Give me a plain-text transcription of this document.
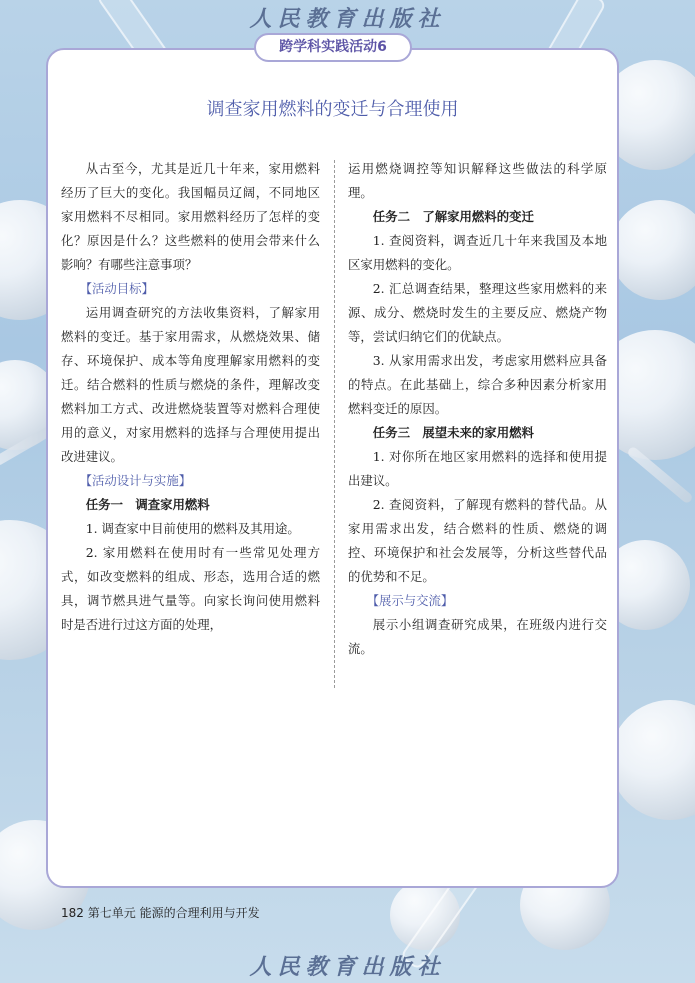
人民教育出版社
跨学科实践活动6
调查家用燃料的变迁与合理使用

从古至今，尤其是近几十年来，家用燃料经历了巨大的变化。我国幅员辽阔，不同地区家用燃料不尽相同。家用燃料经历了怎样的变化？原因是什么？这些燃料的使用会带来什么影响？有哪些注意事项？

【活动目标】

运用调查研究的方法收集资料，了解家用燃料的变迁。基于家用需求，从燃烧效果、储存、环境保护、成本等角度理解家用燃料的变迁。结合燃料的性质与燃烧的条件，理解改变燃料加工方式、改进燃烧装置等对燃料合理使用的意义，对家用燃料的选择与合理使用提出改进建议。

【活动设计与实施】

任务一　调查家用燃料

1. 调查家中目前使用的燃料及其用途。

2. 家用燃料在使用时有一些常见处理方式，如改变燃料的组成、形态，选用合适的燃具，调节燃具进气量等。向家长询问使用燃料时是否进行过这方面的处理，

运用燃烧调控等知识解释这些做法的科学原理。

任务二　了解家用燃料的变迁

1. 查阅资料，调查近几十年来我国及本地区家用燃料的变化。

2. 汇总调查结果，整理这些家用燃料的来源、成分、燃烧时发生的主要反应、燃烧产物等，尝试归纳它们的优缺点。

3. 从家用需求出发，考虑家用燃料应具备的特点。在此基础上，综合多种因素分析家用燃料变迁的原因。

任务三　展望未来的家用燃料

1. 对你所在地区家用燃料的选择和使用提出建议。

2. 查阅资料，了解现有燃料的替代品。从家用需求出发，结合燃料的性质、燃烧的调控、环境保护和社会发展等，分析这些替代品的优势和不足。

【展示与交流】

展示小组调查研究成果，在班级内进行交流。

182 第七单元 能源的合理利用与开发
人民教育出版社
